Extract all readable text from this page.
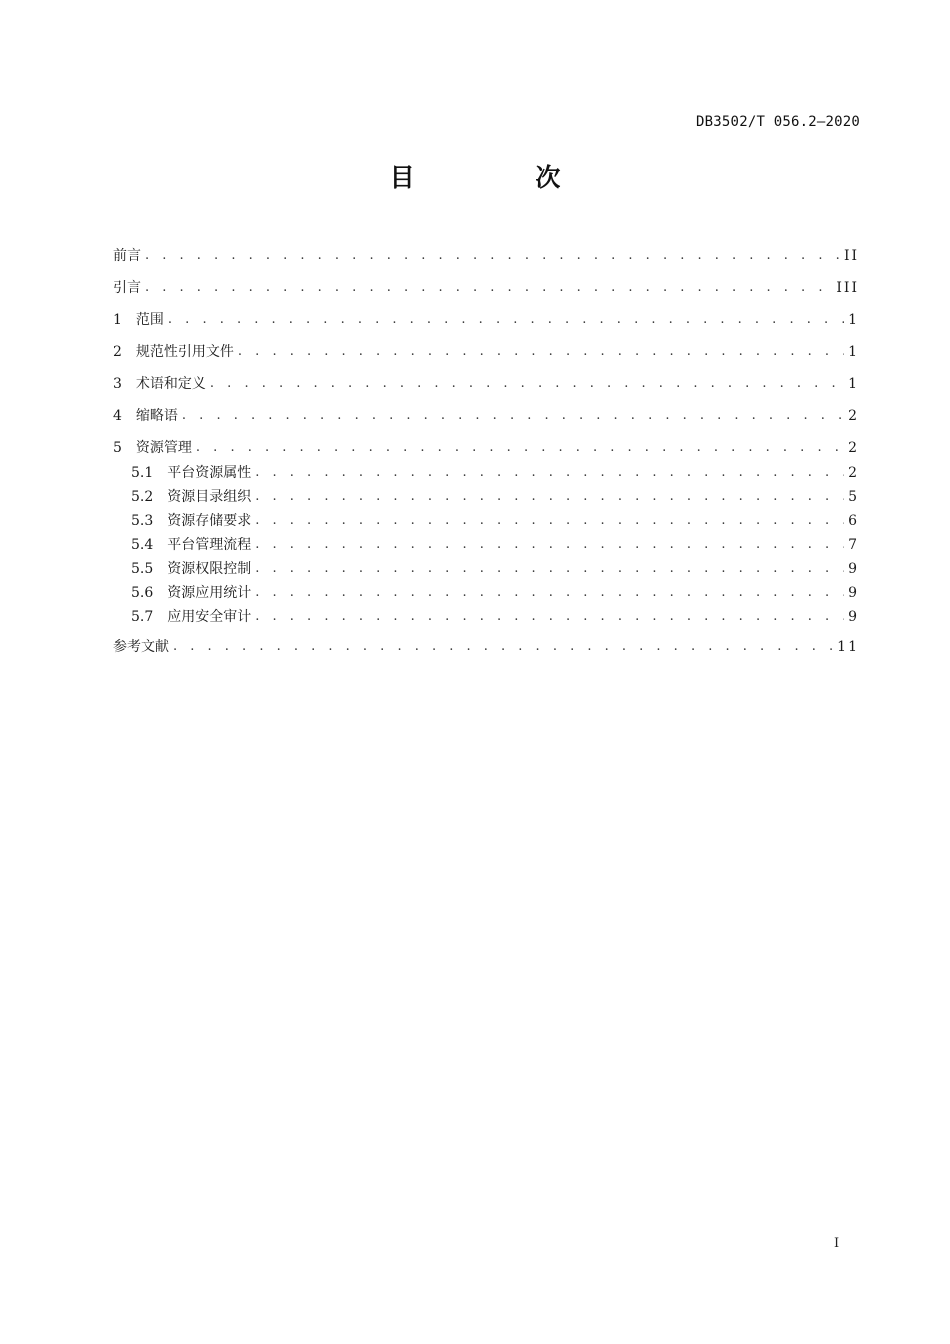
DB3502/T 056.2—2020
目 次
前言 . . .	II
引言 . . .	III
1 范围 . . .	1
2 规范性引用文件 . . .	1
3 术语和定义 . . .	1
4 缩略语 . . .	2
5 资源管理 . . .	2
5.1 平台资源属性 . . .	2
5.2 资源目录组织 . . .	5
5.3 资源存储要求 . . .	6
5.4 平台管理流程 . . .	7
5.5 资源权限控制 . . .	9
5.6 资源应用统计 . . .	9
5.7 应用安全审计 . . .	9
参考文献 . . .	11
I
